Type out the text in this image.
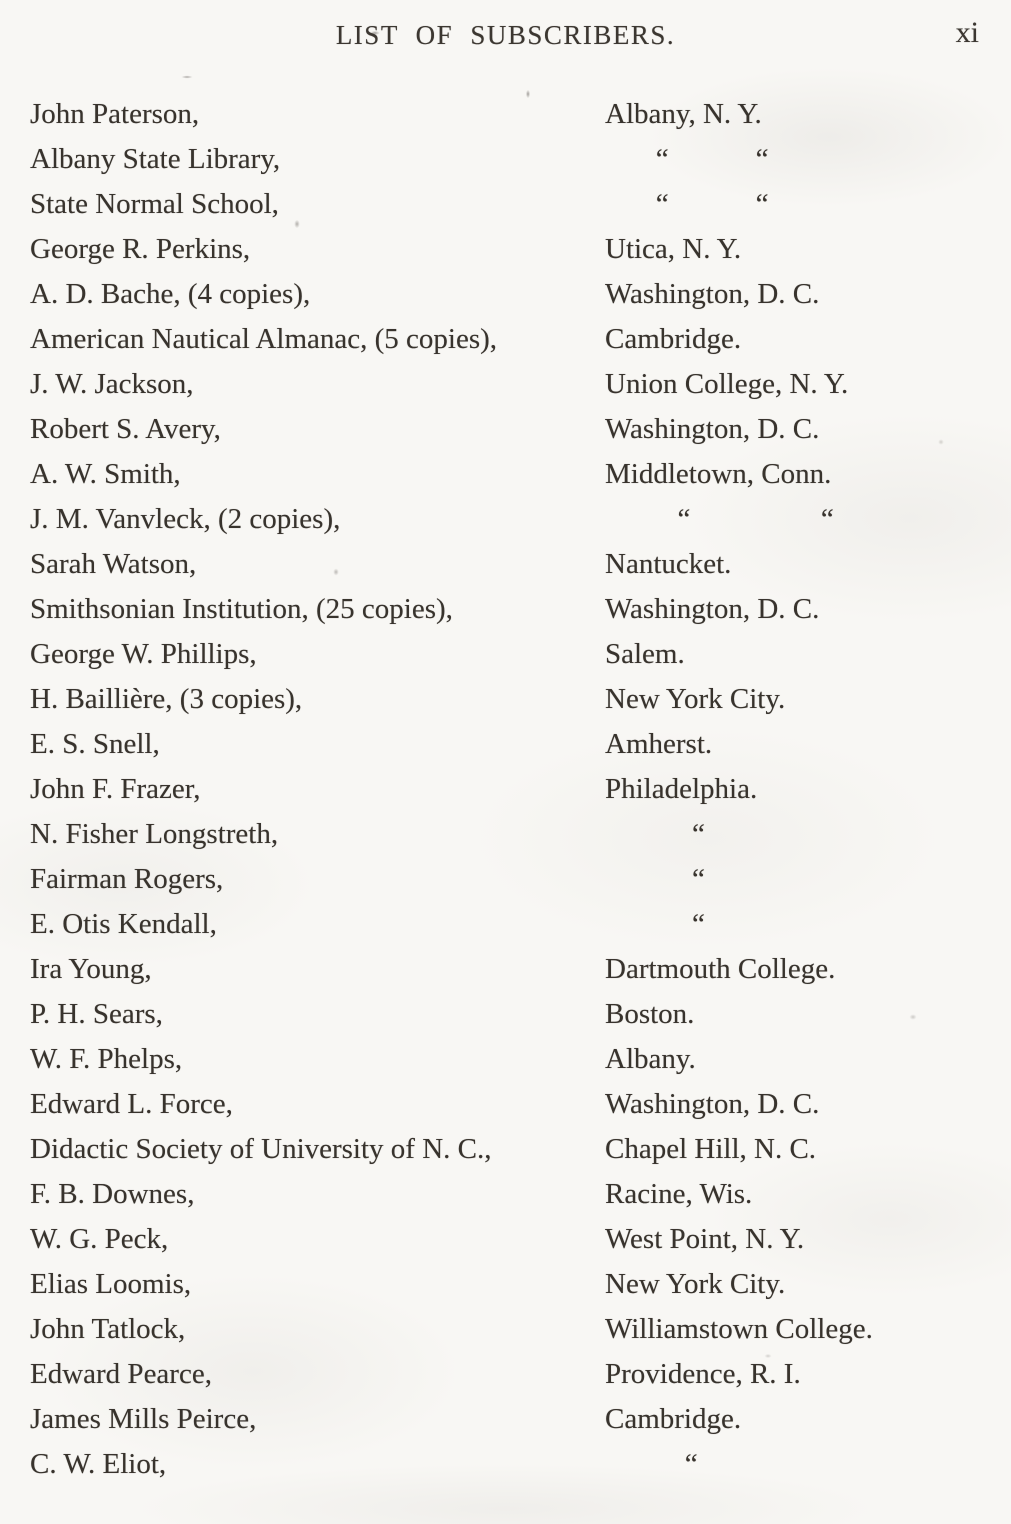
LIST OF SUBSCRIBERS.	xi
John Paterson,	Albany, N. Y.
Albany State Library,	“            “
State Normal School,	“            “
George R. Perkins,	Utica, N. Y.
A. D. Bache, (4 copies),	Washington, D. C.
American Nautical Almanac, (5 copies),	Cambridge.
J. W. Jackson,	Union College, N. Y.
Robert S. Avery,	Washington, D. C.
A. W. Smith,	Middletown, Conn.
J. M. Vanvleck, (2 copies),	“                  “
Sarah Watson,	Nantucket.
Smithsonian Institution, (25 copies),	Washington, D. C.
George W. Phillips,	Salem.
H. Baillière, (3 copies),	New York City.
E. S. Snell,	Amherst.
John F. Frazer,	Philadelphia.
N. Fisher Longstreth,	“
Fairman Rogers,	“
E. Otis Kendall,	“
Ira Young,	Dartmouth College.
P. H. Sears,	Boston.
W. F. Phelps,	Albany.
Edward L. Force,	Washington, D. C.
Didactic Society of University of N. C.,	Chapel Hill, N. C.
F. B. Downes,	Racine, Wis.
W. G. Peck,	West Point, N. Y.
Elias Loomis,	New York City.
John Tatlock,	Williamstown College.
Edward Pearce,	Providence, R. I.
James Mills Peirce,	Cambridge.
C. W. Eliot,	“
